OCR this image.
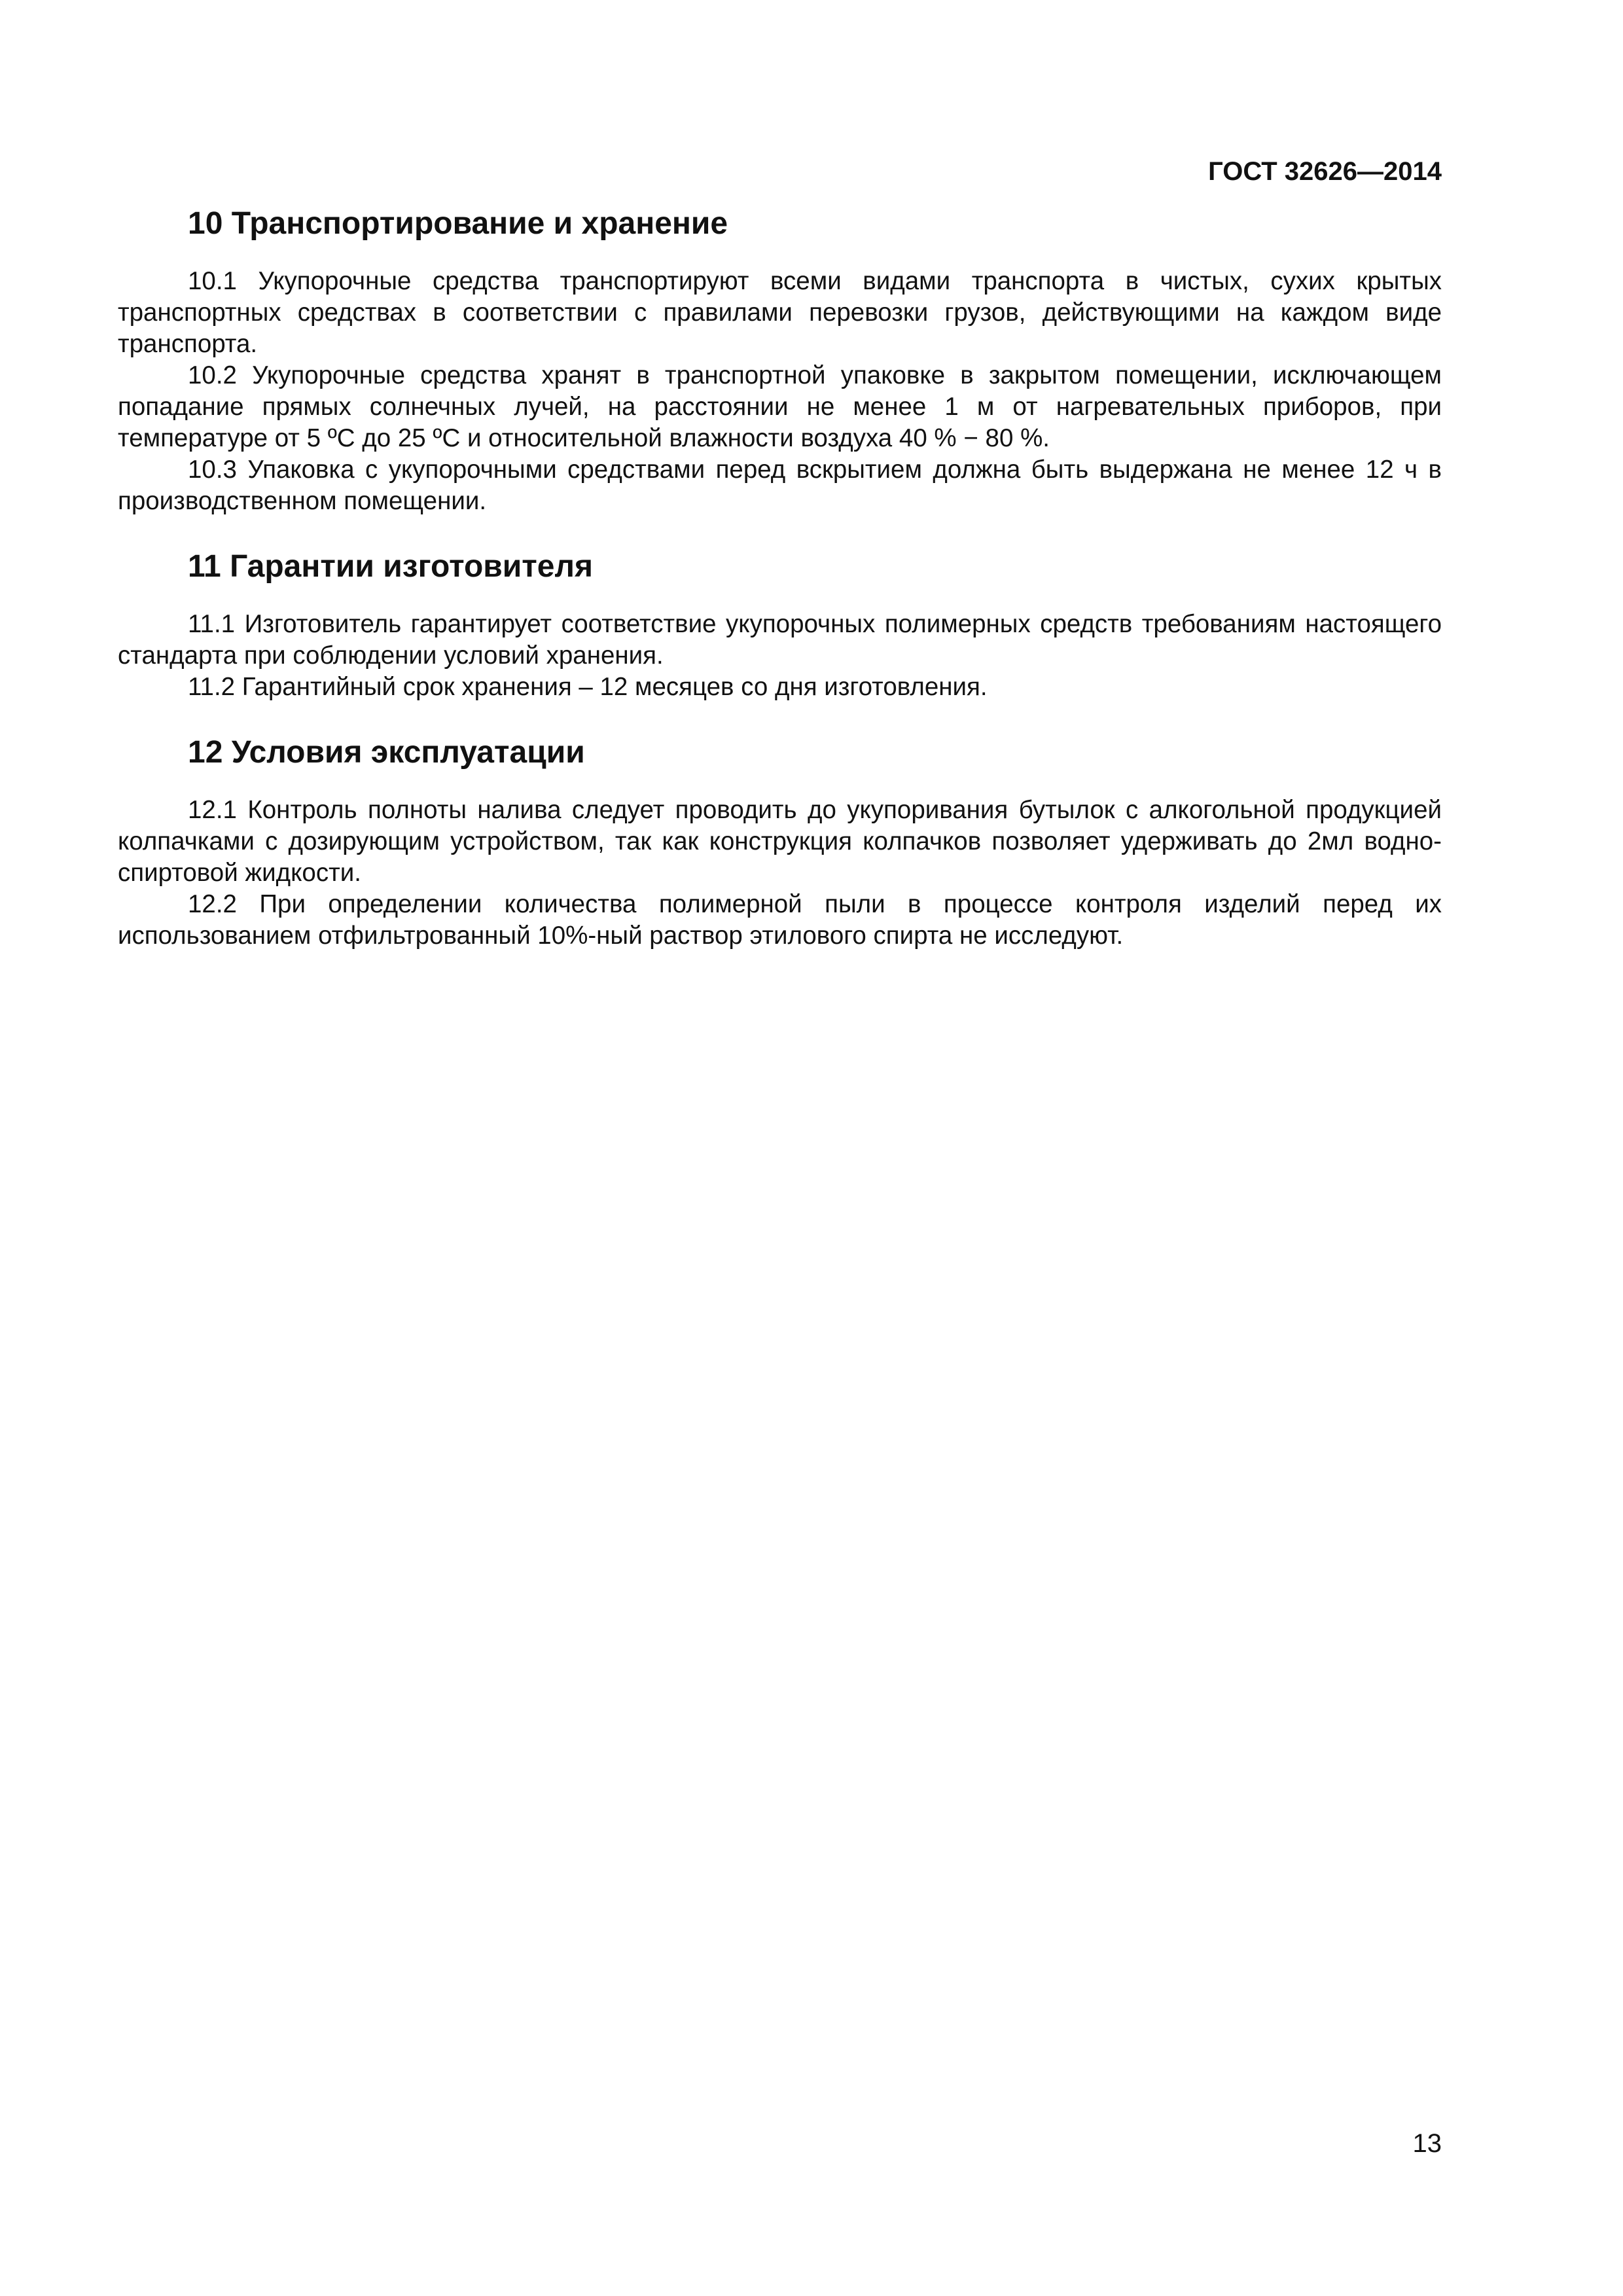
ГОСТ 32626—2014
10 Транспортирование и хранение

10.1 Укупорочные средства транспортируют всеми видами транспорта в чистых, сухих крытых транспортных средствах в соответствии с правилами перевозки грузов, действующими на каждом виде транспорта.

10.2 Укупорочные средства хранят в транспортной упаковке в закрытом помещении, исключающем попадание прямых солнечных лучей, на расстоянии не менее 1 м от нагревательных приборов, при температуре от 5 ºС до 25 ºС и относительной влажности воздуха 40 % − 80 %.

10.3 Упаковка с укупорочными средствами перед вскрытием должна быть выдержана не менее 12 ч в производственном помещении.

11 Гарантии изготовителя

11.1 Изготовитель гарантирует соответствие укупорочных полимерных средств требованиям настоящего стандарта при соблюдении условий хранения.

11.2 Гарантийный срок хранения – 12 месяцев со дня изготовления.

12 Условия эксплуатации

12.1 Контроль полноты налива следует проводить до укупоривания бутылок с алкогольной продукцией колпачками с дозирующим устройством, так как конструкция колпачков позволяет удерживать до 2мл водно-спиртовой жидкости.

12.2 При определении количества полимерной пыли в процессе контроля изделий перед их использованием отфильтрованный 10%-ный раствор этилового спирта не исследуют.

13
